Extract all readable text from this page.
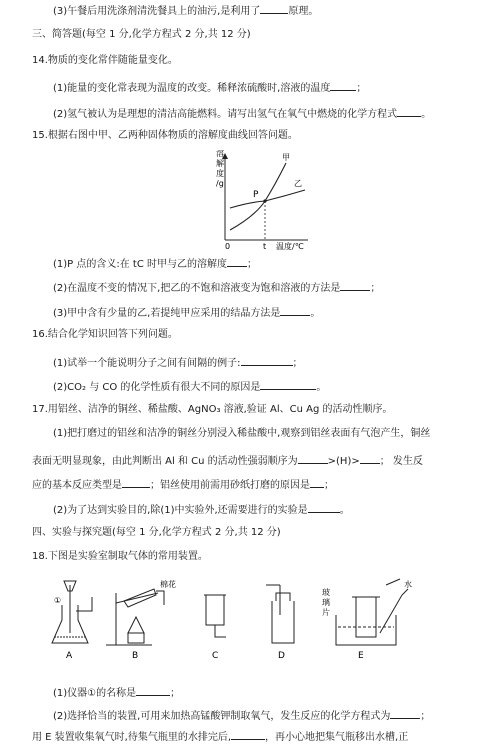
(3)午餐后用洗涤剂清洗餐具上的油污,是利用了	原理。
三、简答题(每空 1 分,化学方程式 2 分,共 12 分)
14.物质的变化常伴随能量变化。
(1)能量的变化常表现为温度的改变。稀释浓硫酸时,溶液的温度	；
(2)氢气被认为是理想的清洁高能燃料。请写出氢气在氧气中燃烧的化学方程式 。
15.根据右图中甲、乙两种固体物质的溶解度曲线回答问题。
溶
解
度
/g
P
甲
乙
0	t 温度/℃
(1)P 点的含义:在 tC 时甲与乙的溶解度 ；
(2)在温度不变的情况下,把乙的不饱和溶液变为饱和溶液的方法是	；
(3)甲中含有少量的乙,若提纯甲应采用的结晶方法是	。
16.结合化学知识回答下列问题。
(1)试举一个能说明分子之间有间隔的例子:	；
(2)CO₂ 与 CO 的化学性质有很大不同的原因是	。
17.用铝丝、洁净的铜丝、稀盐酸、AgNO₃ 溶液,验证 Al、Cu Ag 的活动性顺序。
(1)把打磨过的铝丝和洁净的铜丝分别浸入稀盐酸中,观察到铝丝表面有气泡产生，铜丝
表面无明显现象，由此判断出 Al 和 Cu 的活动性强弱顺序为	>(H)> ； 发生反
应的基本反应类型是	；铝丝使用前需用砂纸打磨的原因是 ；
(2)为了达到实验目的,除(1)中实验外,还需要进行的实验是	。
四、实验与探究题(每空 1 分,化学方程式 2 分,共 12 分)
18.下图是实验室制取气体的常用装置。
A	B	C	D	E
棉花	水
①
玻
璃
片
(1)仪器①的名称是	；
(2)选择恰当的装置,可用来加热高锰酸钾制取氧气，发生反应的化学方程式为	；
用 E 装置收集氧气时,待集气瓶里的水排完后,	，再小心地把集气瓶移出水槽,正
